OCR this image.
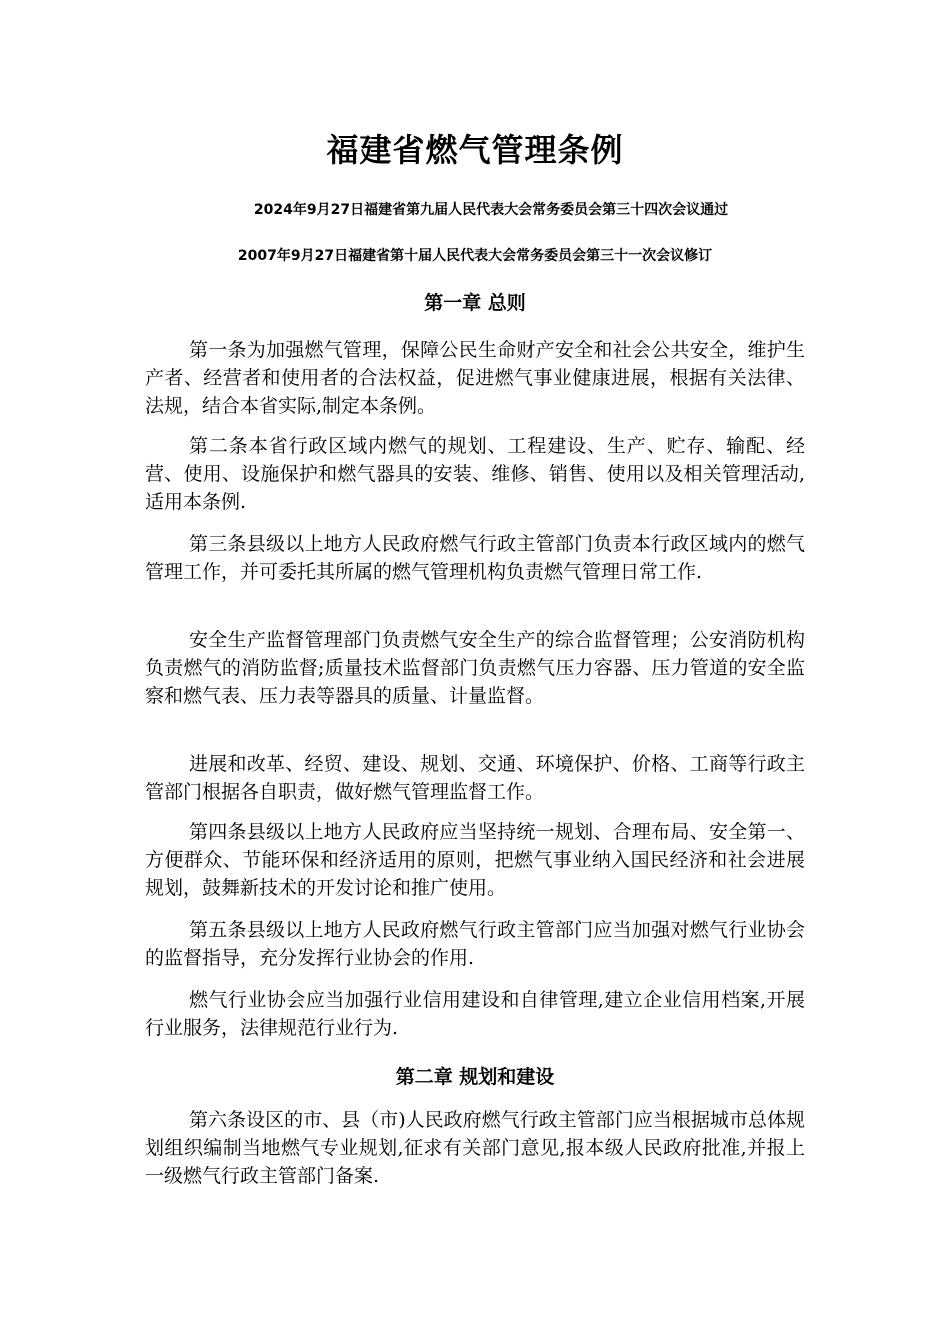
福建省燃气管理条例
2024年9月27日福建省第九届人民代表大会常务委员会第三十四次会议通过
2007年9月27日福建省第十届人民代表大会常务委员会第三十一次会议修订
第一章 总则

第一条为加强燃气管理，保障公民生命财产安全和社会公共安全，维护生产者、经营者和使用者的合法权益，促进燃气事业健康进展，根据有关法律、法规，结合本省实际,制定本条例。

第二条本省行政区域内燃气的规划、工程建设、生产、贮存、输配、经营、使用、设施保护和燃气器具的安装、维修、销售、使用以及相关管理活动,适用本条例.

第三条县级以上地方人民政府燃气行政主管部门负责本行政区域内的燃气管理工作，并可委托其所属的燃气管理机构负责燃气管理日常工作.

安全生产监督管理部门负责燃气安全生产的综合监督管理；公安消防机构负责燃气的消防监督;质量技术监督部门负责燃气压力容器、压力管道的安全监察和燃气表、压力表等器具的质量、计量监督。

进展和改革、经贸、建设、规划、交通、环境保护、价格、工商等行政主管部门根据各自职责，做好燃气管理监督工作。

第四条县级以上地方人民政府应当坚持统一规划、合理布局、安全第一、方便群众、节能环保和经济适用的原则，把燃气事业纳入国民经济和社会进展规划，鼓舞新技术的开发讨论和推广使用。

第五条县级以上地方人民政府燃气行政主管部门应当加强对燃气行业协会的监督指导，充分发挥行业协会的作用.

燃气行业协会应当加强行业信用建设和自律管理,建立企业信用档案,开展行业服务，法律规范行业行为.

第二章 规划和建设

第六条设区的市、县（市)人民政府燃气行政主管部门应当根据城市总体规划组织编制当地燃气专业规划,征求有关部门意见,报本级人民政府批准,并报上一级燃气行政主管部门备案.
